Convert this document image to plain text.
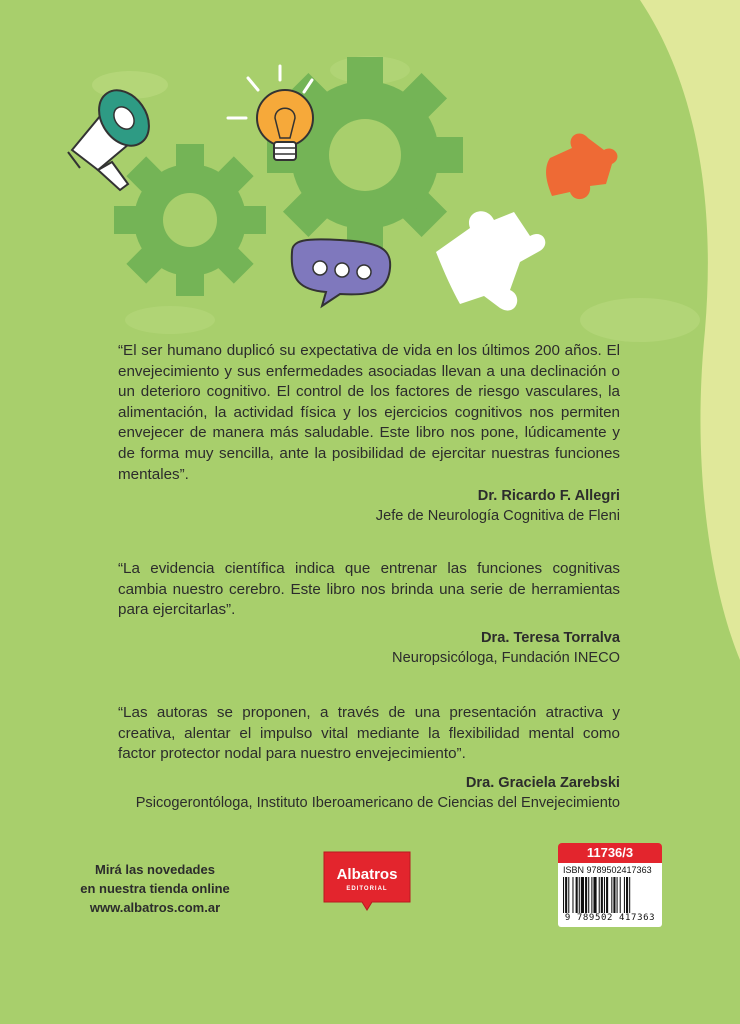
“El ser humano duplicó su expectativa de vida en los últimos 200 años. El envejecimiento y sus enfermedades asociadas llevan a una declinación o un deterioro cognitivo. El control de los factores de riesgo vasculares, la alimentación, la actividad física y los ejercicios cognitivos nos permiten envejecer de manera más saludable. Este libro nos pone, lúdicamente y de forma muy sencilla, ante la posibilidad de ejercitar nuestras funciones mentales”.

Dr. Ricardo F. Allegri
Jefe de Neurología Cognitiva de Fleni

“La evidencia científica indica que entrenar las funciones cognitivas cambia nuestro cerebro. Este libro nos brinda una serie de herramientas para ejercitarlas”.

Dra. Teresa Torralva
Neuropsicóloga, Fundación INECO

“Las autoras se proponen, a través de una presentación atractiva y creativa, alentar el impulso vital mediante la flexibilidad mental como factor protector nodal para nuestro envejecimiento”.

Dra. Graciela Zarebski
Psicogerontóloga, Instituto Iberoamericano de Ciencias del Envejecimiento
Mirá las novedades
en nuestra tienda online
www.albatros.com.ar
Albatros
EDITORIAL
11736/3
ISBN 9789502417363
9 789502 417363
